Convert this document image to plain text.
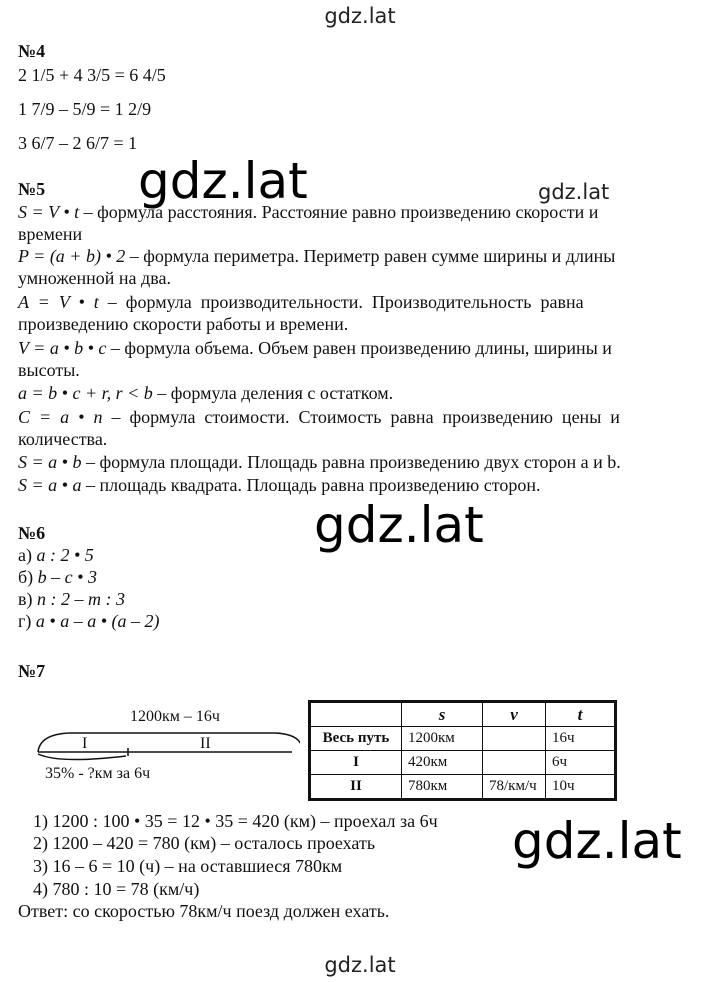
gdz.lat
gdz.lat	gdz.lat
gdz.lat
gdz.lat
gdz.lat
№4
2 1/5 + 4 3/5 = 6 4/5
1 7/9 – 5/9 = 1 2/9
3 6/7 – 2 6/7 = 1
№5
S = V • t – формула расстояния. Расстояние равно произведению скорости и
времени
P = (a + b) • 2 – формула периметра. Периметр равен сумме ширины и длины
умноженной на два.
A  =  V  •  t  –  формула  производительности.  Производительность  равна
произведению скорости работы и времени.
V = a • b • c – формула объема. Объем равен произведению длины, ширины и
высоты.
a = b • c + r, r < b – формула деления с остатком.
C  =  a  •  n  –  формула  стоимости.  Стоимость  равна  произведению  цены  и
количества.
S = a • b – формула площади. Площадь равна произведению двух сторон a и b.
S = a • a – площадь квадрата. Площадь равна произведению сторон.
№6
а) a : 2 • 5
б) b – c • 3
в) n : 2 – m : 3
г) a • a – a • (a – 2)
№7
1200км – 16ч
I	II
35% - ?км за 6ч
	s	v	t
Весь путь	1200км		16ч
I	420км		6ч
II	780км	78/км/ч	10ч
1) 1200 : 100 • 35 = 12 • 35 = 420 (км) – проехал за 6ч
2) 1200 – 420 = 780 (км) – осталось проехать
3) 16 – 6 = 10 (ч) – на оставшиеся 780км
4) 780 : 10 = 78 (км/ч)
Ответ: со скоростью 78км/ч поезд должен ехать.
